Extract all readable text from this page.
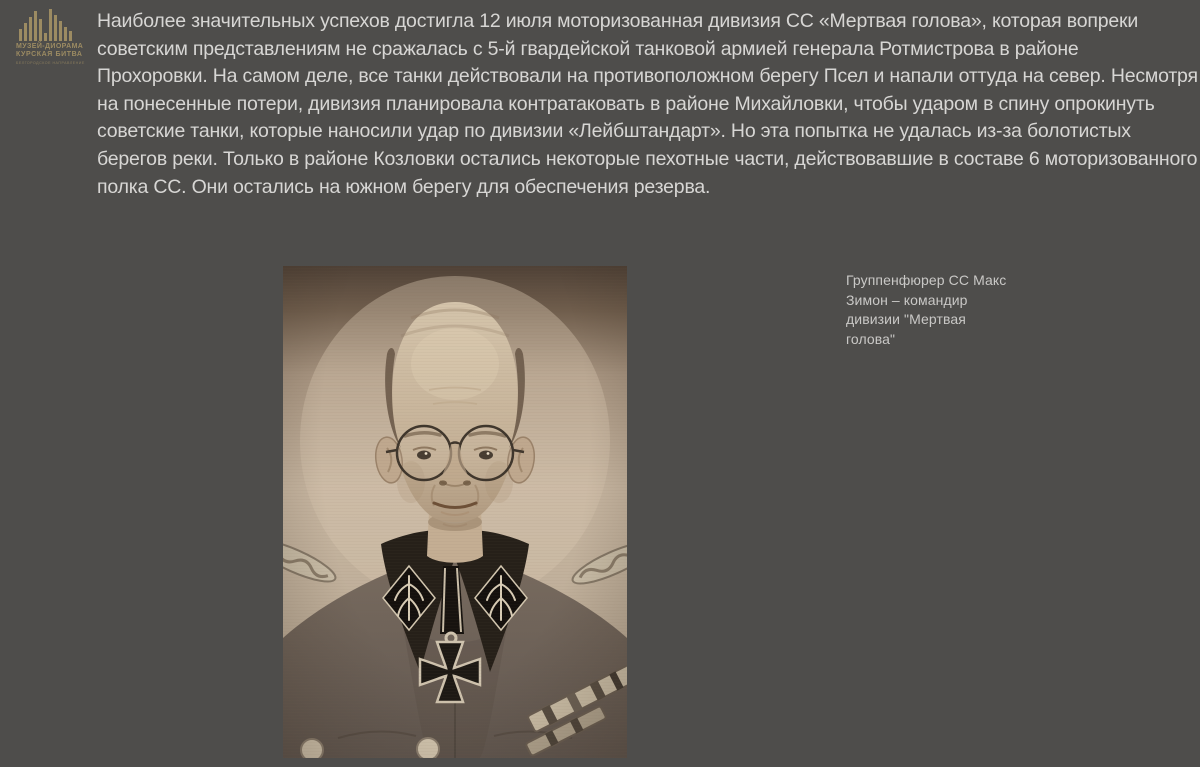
МУЗЕЙ-ДИОРАМА
КУРСКАЯ БИТВА
БЕЛГОРОДСКОЕ НАПРАВЛЕНИЕ
Наиболее значительных успехов достигла 12 июля моторизованная дивизия СС «Мертвая голова», которая вопреки
советским представлениям не сражалась с 5-й гвардейской танковой армией генерала Ротмистрова в районе
Прохоровки. На самом деле, все танки действовали на противоположном берегу Псел и напали оттуда на север. Несмотря
на понесенные потери, дивизия планировала контратаковать в районе Михайловки, чтобы ударом в спину опрокинуть
советские танки, которые наносили удар по дивизии «Лейбштандарт». Но эта попытка не удалась из-за болотистых
берегов реки. Только в районе Козловки остались некоторые пехотные части, действовавшие в составе 6 моторизованного
полка СС. Они остались на южном берегу для обеспечения резерва.
Группенфюрер СС Макс
Зимон – командир
дивизии "Мертвая
голова"
